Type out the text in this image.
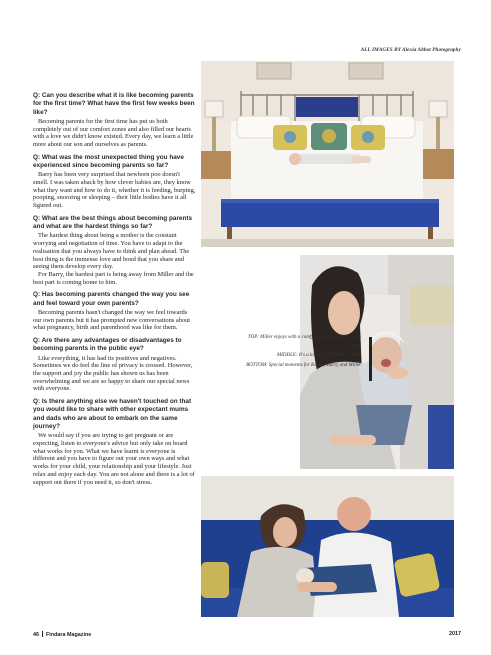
ALL IMAGES BY Alexia Abbot Photography
Q: Can you describe what it is like becoming parents for the first time? What have the first few weeks been like?

Becoming parents for the first time has put us both completely out of our comfort zones and also filled our hearts with a love we didn't know existed. Every day, we learn a little more about our son and ourselves as parents.

Q: What was the most unexpected thing you have experienced since becoming parents so far?

Barry has been very surprised that newborn poo doesn't smell. I was taken aback by how clever babies are, they know what they want and how to do it, whether it is feeding, burping, pooping, snoozing or sleeping – their little bodies have it all figured out.

Q: What are the best things about becoming parents and what are the hardest things so far?

The hardest thing about being a mother is the constant worrying and negotiation of time. You have to adapt to the realisation that you always have to think and plan ahead. The best thing is the immense love and bond that you share and seeing them develop every day.

For Barry, the hardest part is being away from Miller and the best part is coming home to him.

Q: Has becoming parents changed the way you see and feel toward your own parents?

Becoming parents hasn't changed the way we feel towards our own parents but it has prompted new conversations about what pregnancy, birth and parenthood was like for them.

Q: Are there any advantages or disadvantages to becoming parents in the public eye?

Like everything, it has had its positives and negatives. Sometimes we do feel the line of privacy is crossed. However, the support and joy the public has shown us has been overwhelming and we are so happy to share our special news with everyone.

Q: Is there anything else we haven't touched on that you would like to share with other expectant mums and dads who are about to embark on the same journey?

We would say if you are trying to get pregnant or are expecting, listen to everyone's advice but only take on board what works for you. What we have learnt is everyone is different and you have to figure out your own ways and what works for your child, your relationship and your lifestyle. Just relax and enjoy each day. You are not alone and there is a lot of support out there if you need it, so don't stress.

TOP: Miller enjoys with a comfy bed at Palazzo Versace Hotel
MIDDLE: It's a loving thing being a baby
BOTTOM: Special moments for Kassie, Barry and Miller
46 Findara Magazine	2017
